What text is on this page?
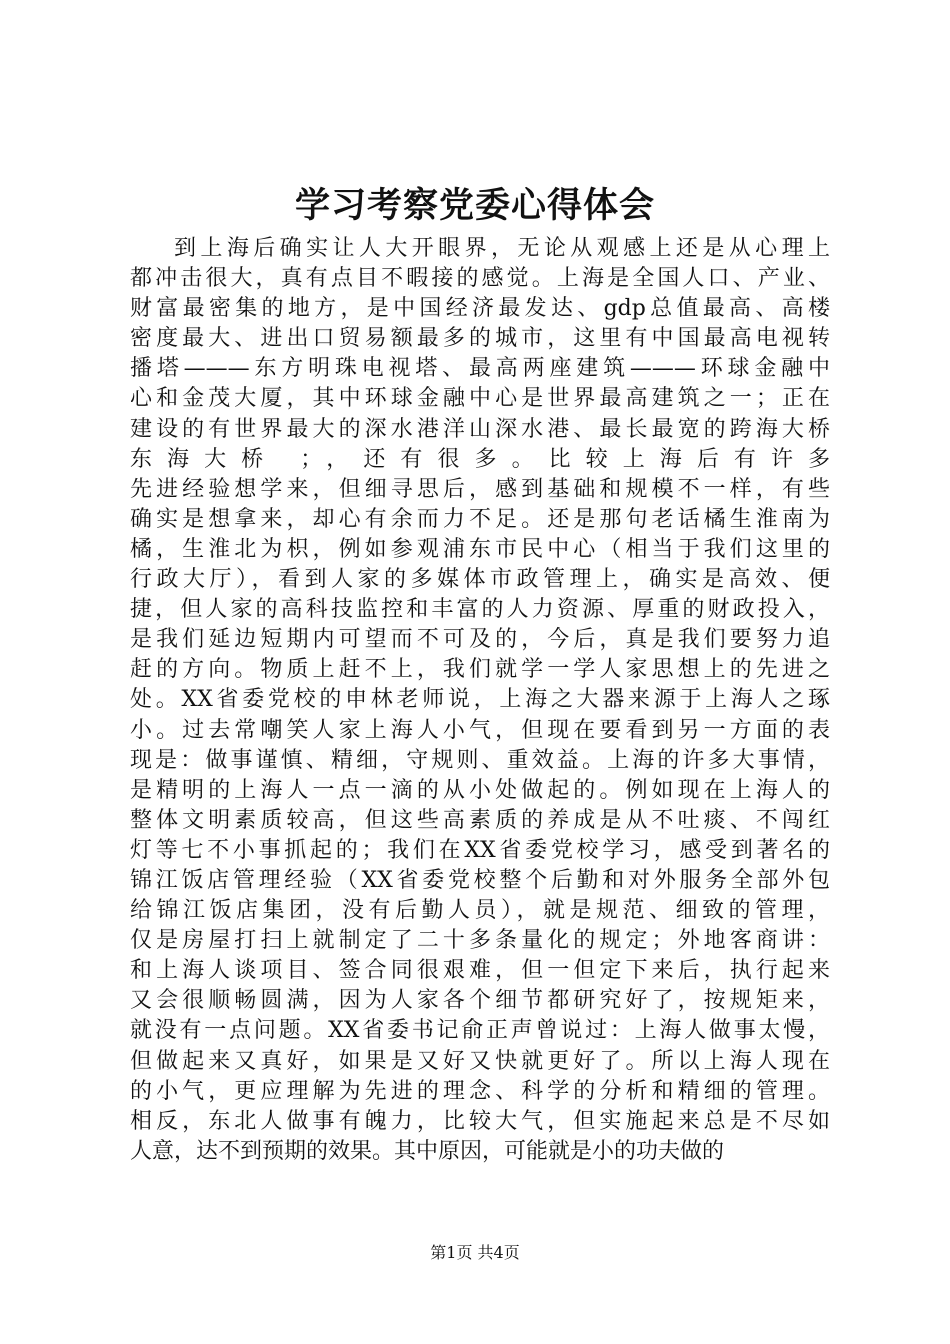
学习考察党委心得体会
到上海后确实让人大开眼界，无论从观感上还是从心理上
都冲击很大，真有点目不暇接的感觉。上海是全国人口、产业、
财富最密集的地方，是中国经济最发达、gdp总值最高、高楼
密度最大、进出口贸易额最多的城市，这里有中国最高电视转
播塔———东方明珠电视塔、最高两座建筑———环球金融中
心和金茂大厦，其中环球金融中心是世界最高建筑之一；正在
建设的有世界最大的深水港洋山深水港、最长最宽的跨海大桥
东海大桥 ；，还有很多。比较上海后有许多
先进经验想学来，但细寻思后，感到基础和规模不一样，有些
确实是想拿来，却心有余而力不足。还是那句老话橘生淮南为
橘，生淮北为枳，例如参观浦东市民中心（相当于我们这里的
行政大厅），看到人家的多媒体市政管理上，确实是高效、便
捷，但人家的高科技监控和丰富的人力资源、厚重的财政投入，
是我们延边短期内可望而不可及的，今后，真是我们要努力追
赶的方向。物质上赶不上，我们就学一学人家思想上的先进之
处。XX省委党校的申林老师说，上海之大器来源于上海人之琢
小。过去常嘲笑人家上海人小气，但现在要看到另一方面的表
现是：做事谨慎、精细，守规则、重效益。上海的许多大事情，
是精明的上海人一点一滴的从小处做起的。例如现在上海人的
整体文明素质较高，但这些高素质的养成是从不吐痰、不闯红
灯等七不小事抓起的；我们在XX省委党校学习，感受到著名的
锦江饭店管理经验（XX省委党校整个后勤和对外服务全部外包
给锦江饭店集团，没有后勤人员），就是规范、细致的管理，
仅是房屋打扫上就制定了二十多条量化的规定；外地客商讲：
和上海人谈项目、签合同很艰难，但一但定下来后，执行起来
又会很顺畅圆满，因为人家各个细节都研究好了，按规矩来，
就没有一点问题。XX省委书记俞正声曾说过：上海人做事太慢，
但做起来又真好，如果是又好又快就更好了。所以上海人现在
的小气，更应理解为先进的理念、科学的分析和精细的管理。
相反，东北人做事有魄力，比较大气，但实施起来总是不尽如
人意，达不到预期的效果。其中原因，可能就是小的功夫做的
第1页 共4页
